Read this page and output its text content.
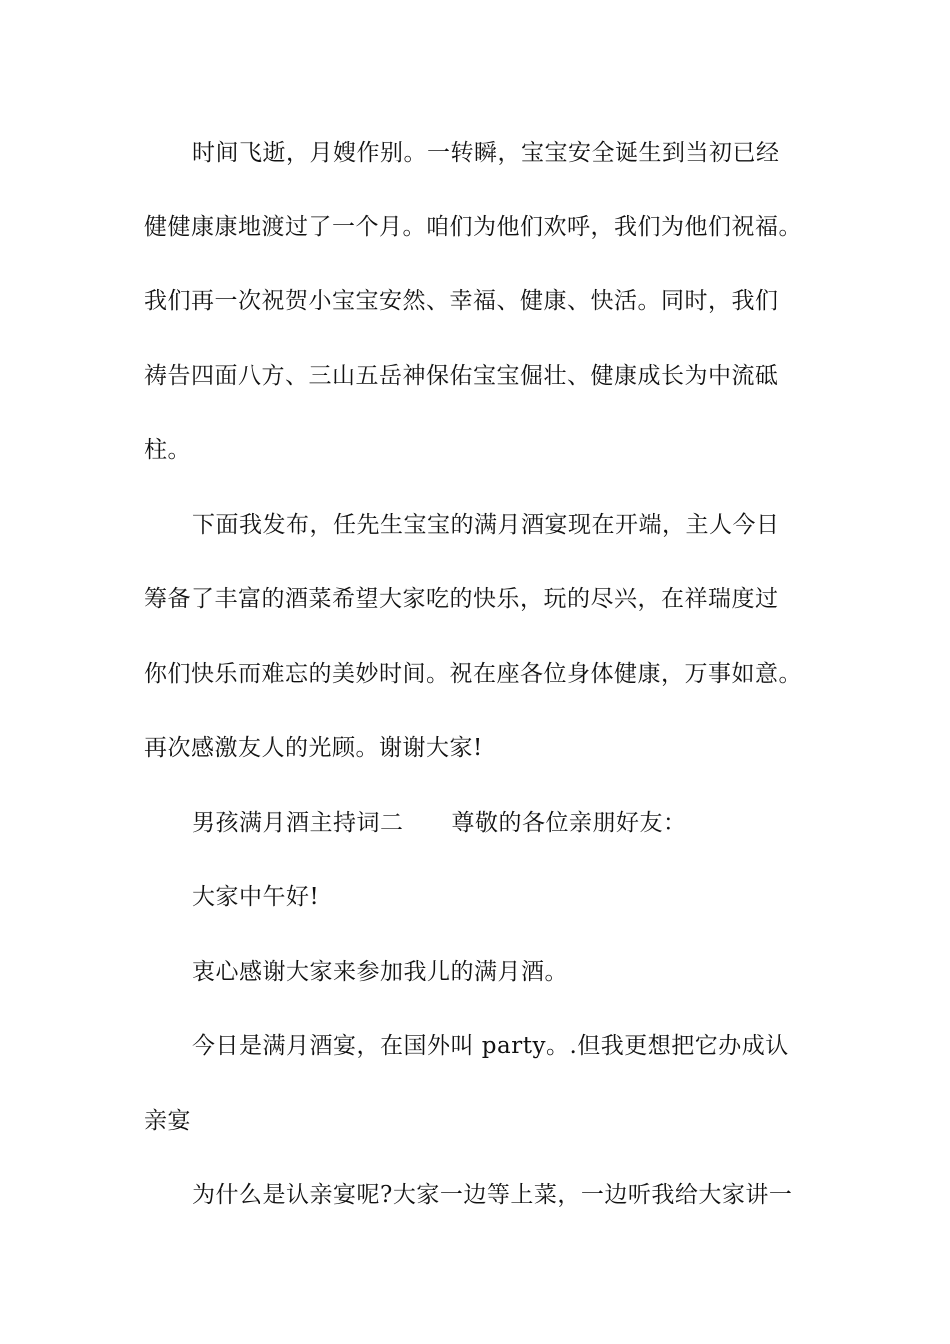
时间飞逝，月嫂作别。一转瞬，宝宝安全诞生到当初已经
健健康康地渡过了一个月。咱们为他们欢呼，我们为他们祝福。
我们再一次祝贺小宝宝安然、幸福、健康、快活。同时，我们
祷告四面八方、三山五岳神保佑宝宝倔壮、健康成长为中流砥
柱。
下面我发布，任先生宝宝的满月酒宴现在开端，主人今日
筹备了丰富的酒菜希望大家吃的快乐，玩的尽兴，在祥瑞度过
你们快乐而难忘的美妙时间。祝在座各位身体健康，万事如意。
再次感激友人的光顾。谢谢大家!
男孩满月酒主持词二 尊敬的各位亲朋好友：
大家中午好!
衷心感谢大家来参加我儿的满月酒。
今日是满月酒宴，在国外叫 party。.但我更想把它办成认
亲宴
为什么是认亲宴呢?大家一边等上菜，一边听我给大家讲一
